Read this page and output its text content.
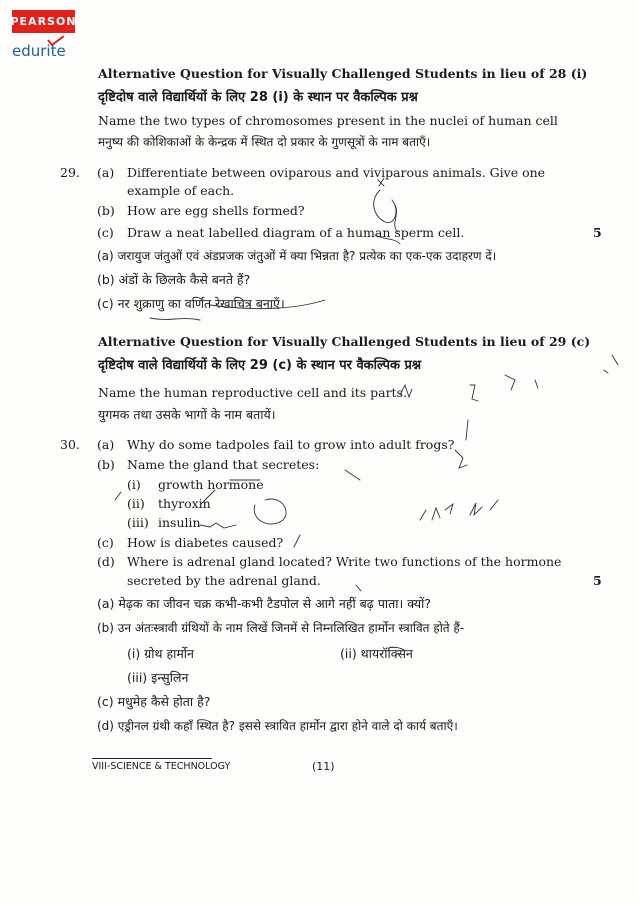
PEARSON
edurite
Alternative Question for Visually Challenged Students in lieu of 28 (i)
दृष्टिदोष वाले विद्यार्थियों के लिए 28 (i) के स्थान पर वैकल्पिक प्रश्न
Name the two types of chromosomes present in the nuclei of human cell
मनुष्य की कोशिकाओं के केन्द्रक में स्थित दो प्रकार के गुणसूत्रों के नाम बताएँ।
29. (a) Differentiate between oviparous and viviparous animals. Give one
example of each.
(b) How are egg shells formed?
(c) Draw a neat labelled diagram of a human sperm cell.	5
(a) जरायुज जंतुओं एवं अंडप्रजक जंतुओं में क्या भिन्नता है? प्रत्येक का एक-एक उदाहरण दें।
(b) अंडों के छिलके कैसे बनते हैं?
(c) नर शुक्राणु का वर्णित रेखाचित्र बनाएँ।
Alternative Question for Visually Challenged Students in lieu of 29 (c)
दृष्टिदोष वाले विद्यार्थियों के लिए 29 (c) के स्थान पर वैकल्पिक प्रश्न
Name the human reproductive cell and its parts.
युगमक तथा उसके भागों के नाम बतायें।
30. (a) Why do some tadpoles fail to grow into adult frogs?
(b) Name the gland that secretes:
(i) growth hormone
(ii) thyroxin
(iii) insulin
(c) How is diabetes caused?
(d) Where is adrenal gland located? Write two functions of the hormone
secreted by the adrenal gland.	5
(a) मेढ़क का जीवन चक्र कभी-कभी टैडपोल से आगे नहीं बढ़ पाता। क्यों?
(b) उन अंतःस्त्रावी ग्रंथियों के नाम लिखें जिनमें से निम्नलिखित हार्मोन स्त्रावित होते हैं-
(i) ग्रोथ हार्मोन	(ii) थायरॉक्सिन
(iii) इन्सुलिन
(c) मधुमेह कैसे होता है?
(d) एड्रीनल ग्रंथी कहाँ स्थित है? इससे स्त्रावित हार्मोन द्वारा होने वाले दो कार्य बताएँ।
VIII-SCIENCE & TECHNOLOGY	(11)
